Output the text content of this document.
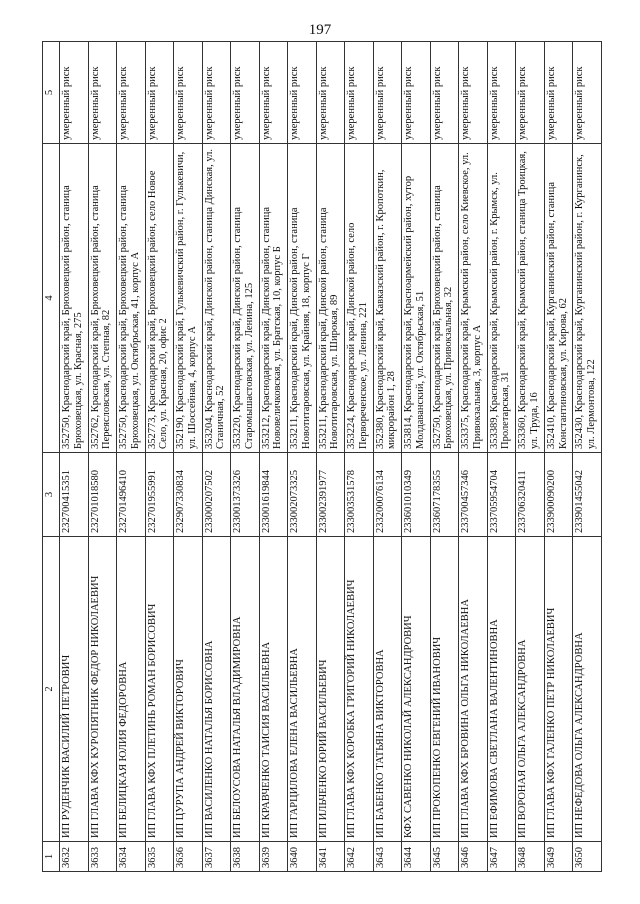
197
1	2	3	4	5
3632	ИП РУДЕНЧИК ВАСИЛИЙ ПЕТРОВИЧ	232700415351	352750, Краснодарский край, Брюховецкий район, станица Брюховецкая, ул. Красная, 275	умеренный риск
3633	ИП ГЛАВА КФХ КУРОПЯТНИК ФЕДОР НИКОЛАЕВИЧ	232701018580	352762, Краснодарский край, Брюховецкий район, станица Переясловская, ул. Степная, 82	умеренный риск
3634	ИП БЕЛИЦКАЯ ЮЛИЯ ФЕДОРОВНА	232701496410	352750, Краснодарский край, Брюховецкий район, станица Брюховецкая, ул. Октябрьская, 41, корпус А	умеренный риск
3635	ИП ГЛАВА КФХ ПЛЕТИНЬ РОМАН БОРИСОВИЧ	232701955991	352773, Краснодарский край, Брюховецкий район, село Новое Село, ул. Красная, 20, офис 2	умеренный риск
3636	ИП ЦУРУПА АНДРЕЙ ВИКТОРОВИЧ	232907330834	352190, Краснодарский край, Гулькевичский район, г. Гулькевичи, ул. Шоссейная, 4, корпус А	умеренный риск
3637	ИП ВАСИЛЕНКО НАТАЛЬЯ БОРИСОВНА	233000207502	353204, Краснодарский край, Динской район, станица Динская, ул. Станичная, 52	умеренный риск
3638	ИП БЕЛОУСОВА НАТАЛЬЯ ВЛАДИМИРОВНА	233001373326	353220, Краснодарский край, Динской район, станица Старомышастовская, ул. Ленина, 125	умеренный риск
3639	ИП КРАВЧЕНКО ТАИСИЯ ВАСИЛЬЕВНА	233001619844	353212, Краснодарский край, Динской район, станица Нововеличковская, ул. Братская, 10, корпус Б	умеренный риск
3640	ИП ГАРЦИЛОВА ЕЛЕНА ВАСИЛЬЕВНА	233002073325	353211, Краснодарский край, Динской район, станица Новотитаровская, ул. Крайняя, 18, корпус Г	умеренный риск
3641	ИП ИЛЬЧЕНКО ЮРИЙ ВАСИЛЬЕВИЧ	233002391977	353211, Краснодарский край, Динской район, станица Новотитаровская, ул. Широкая, 89	умеренный риск
3642	ИП ГЛАВА КФХ КОРОБКА ГРИГОРИЙ НИКОЛАЕВИЧ	233003531578	353224, Краснодарский край, Динской район, село Первореченское, ул. Ленина, 221	умеренный риск
3643	ИП БАБЕНКО ТАТЬЯНА ВИКТОРОВНА	233200076134	352380, Краснодарский край, Кавказский район, г. Кропоткин, микрорайон 1, 28	умеренный риск
3644	КФХ САВЕНКО НИКОЛАЙ АЛЕКСАНДРОВИЧ	233601010349	353814, Краснодарский край, Красноармейский район, хутор Молдаванский, ул. Октябрьская, 51	умеренный риск
3645	ИП ПРОКОПЕНКО ЕВГЕНИЙ ИВАНОВИЧ	233607178355	352750, Краснодарский край, Брюховецкий район, станица Брюховецкая, ул. Привокзальная, 32	умеренный риск
3646	ИП ГЛАВА КФХ БРОВИНА ОЛЬГА НИКОЛАЕВНА	233700457346	353375, Краснодарский край, Крымский район, село Киевское, ул. Привокзальная, 3, корпус А	умеренный риск
3647	ИП ЕФИМОВА СВЕТЛАНА ВАЛЕНТИНОВНА	233705954704	353389, Краснодарский край, Крымский район, г. Крымск, ул. Пролетарская, 31	умеренный риск
3648	ИП ВОРОНАЯ ОЛЬГА АЛЕКСАНДРОВНА	233706320411	353360, Краснодарский край, Крымский район, станица Троицкая, ул. Труда, 16	умеренный риск
3649	ИП ГЛАВА КФХ ГАЛЕНКО ПЕТР НИКОЛАЕВИЧ	233900090200	352410, Краснодарский край, Курганинский район, станица Константиновская, ул. Кирова, 62	умеренный риск
3650	ИП НЕФЕДОВА ОЛЬГА АЛЕКСАНДРОВНА	233901455042	352430, Краснодарский край, Курганинский район, г. Курганинск, ул. Лермонтова, 122	умеренный риск
